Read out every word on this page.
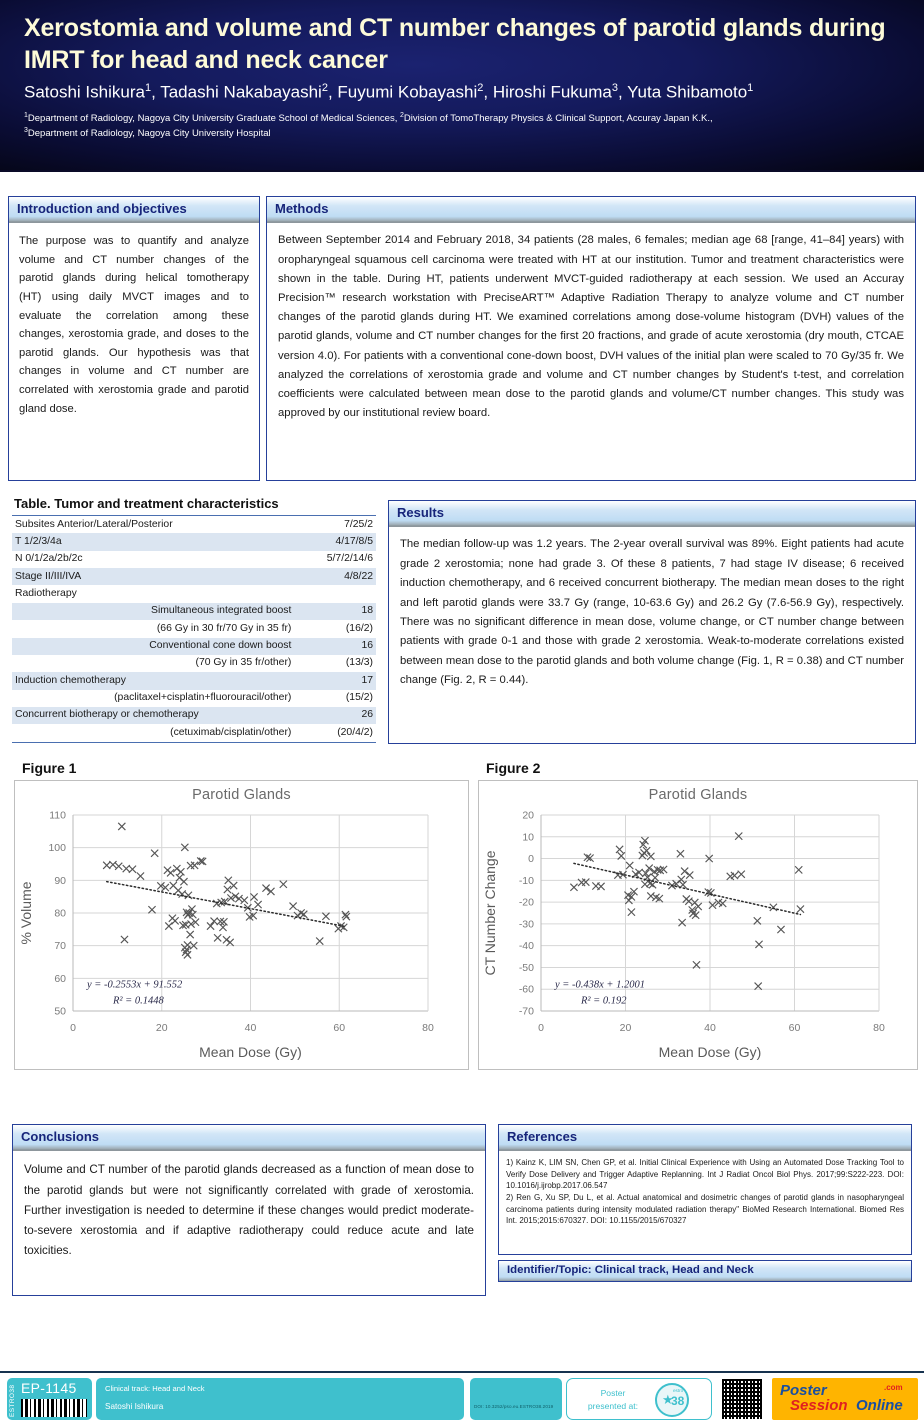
Xerostomia and volume and CT number changes of parotid glands during IMRT for head and neck cancer
Satoshi Ishikura$^1$, Tadashi Nakabayashi$^2$, Fuyumi Kobayashi$^2$, Hiroshi Fukuma$^3$, Yuta Shibamoto$^1$
$^1$Department of Radiology, Nagoya City University Graduate School of Medical Sciences, $^2$Division of TomoTherapy Physics & Clinical Support, Accuray Japan K.K.,
$^3$Department of Radiology, Nagoya City University Hospital
Introduction and objectives
The purpose was to quantify and analyze volume and CT number changes of the parotid glands during helical tomotherapy (HT) using daily MVCT images and to evaluate the correlation among these changes, xerostomia grade, and doses to the parotid glands. Our hypothesis was that changes in volume and CT number are correlated with xerostomia grade and parotid gland dose.
Methods
Between September 2014 and February 2018, 34 patients (28 males, 6 females; median age 68 [range, 41–84] years) with oropharyngeal squamous cell carcinoma were treated with HT at our institution. Tumor and treatment characteristics were shown in the table. During HT, patients underwent MVCT-guided radiotherapy at each session. We used an Accuray Precision™ research workstation with PreciseART™ Adaptive Radiation Therapy to analyze volume and CT number changes of the parotid glands during HT. We examined correlations among dose-volume histogram (DVH) values of the parotid glands, volume and CT number changes for the first 20 fractions, and grade of acute xerostomia (dry mouth, CTCAE version 4.0). For patients with a conventional cone-down boost, DVH values of the initial plan were scaled to 70 Gy/35 fr. We analyzed the correlations of xerostomia grade and volume and CT number changes by Student's t-test, and correlation coefficients were calculated between mean dose to the parotid glands and volume/CT number changes. This study was approved by our institutional review board.
Table. Tumor and treatment characteristics
Subsites Anterior/Lateral/Posterior	7/25/2
T 1/2/3/4a	4/17/8/5
N 0/1/2a/2b/2c	5/7/2/14/6
Stage II/III/IVA	4/8/22
Radiotherapy	
Simultaneous integrated boost	18
(66 Gy in 30 fr/70 Gy in 35 fr)	(16/2)
Conventional cone down boost	16
(70 Gy in 35 fr/other)	(13/3)
Induction chemotherapy	17
(paclitaxel+cisplatin+fluorouracil/other)	(15/2)
Concurrent biotherapy or chemotherapy	26
(cetuximab/cisplatin/other)	(20/4/2)
Results
The median follow-up was 1.2 years. The 2-year overall survival was 89%. Eight patients had acute grade 2 xerostomia; none had grade 3. Of these 8 patients, 7 had stage IV disease; 6 received induction chemotherapy, and 6 received concurrent biotherapy. The median mean doses to the right and left parotid glands were 33.7 Gy (range, 10-63.6 Gy) and 26.2 Gy (7.6-56.9 Gy), respectively. There was no significant difference in mean dose, volume change, or CT number change between patients with grade 0-1 and those with grade 2 xerostomia. Weak-to-moderate correlations existed between mean dose to the parotid glands and both volume change (Fig. 1, R = 0.38) and CT number change (Fig. 2, R = 0.44).
Figure 1
Parotid Glands
50
60
70
80
90
100
110
0	20	40	60	80
y = -0.2553x + 91.552
R² = 0.1448
Mean Dose (Gy)
% Volume
Figure 2
Parotid Glands
-70
-60
-50
-40
-30
-20
-10
0
10
20
0	20	40	60	80
y = -0.438x + 1.2001
R² = 0.192
Mean Dose (Gy)
CT Number Change
Conclusions
Volume and CT number of the parotid glands decreased as a function of mean dose to the parotid glands but were not significantly correlated with grade of xerostomia. Further investigation is needed to determine if these changes would predict moderate-to-severe xerostomia and if adaptive radiotherapy could reduce acute and late toxicities.
References
1) Kainz K, LIM SN, Chen GP, et al. Initial Clinical Experience with Using an Automated Dose Tracking Tool to Verify Dose Delivery and Trigger Adaptive Replanning. Int J Radiat Oncol Biol Phys. 2017;99:S222-223. DOI: 10.1016/j.ijrobp.2017.06.547
2) Ren G, Xu SP, Du L, et al. Actual anatomical and dosimetric changes of parotid glands in nasopharyngeal carcinoma patients during intensity modulated radiation therapy" BioMed Research International. Biomed Res Int. 2015;2015:670327. DOI: 10.1155/2015/670327
Identifier/Topic: Clinical track, Head and Neck
ESTRO38 EP-1145	Clinical track: Head and Neck
Satoshi Ishikura	DOI: 10.3252/pso.eu.ESTRO38.2019
Poster
presented at:	★
estro
38
Poster	.com
Session Online
